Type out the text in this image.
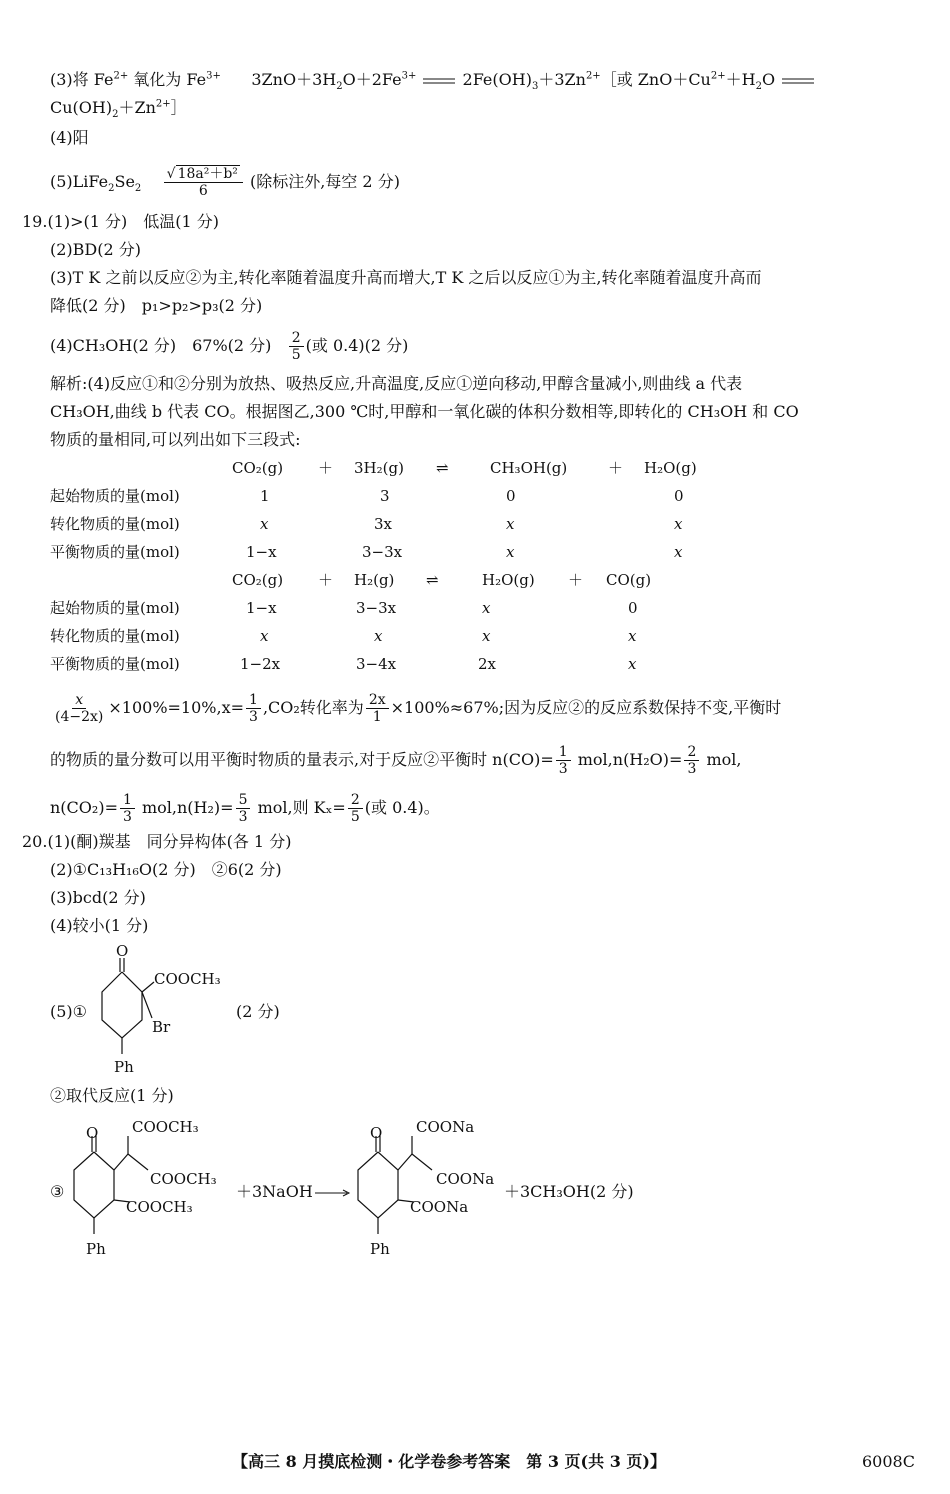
(3)将 $Fe^{2+}$ 氧化为 $Fe^{3+}$ $3ZnO+3H_2O+2Fe^{3+}$	$2Fe(OH)_3+3Zn^{2+}[$或 $ZnO+Cu^{2+}+H_2O$
$Cu(OH)_2+Zn^{2+}]$
(4)阳
$(5)LiFe_2Se_2 \frac{\text{√ 18a²＋b²}}{6}$ (除标注外,每空 2 分)
19.(1)>(1 分)　低温(1 分)
(2)BD(2 分)
(3)T K 之前以反应②为主,转化率随着温度升高而增大,T K 之后以反应①为主,转化率随着温度升高而
降低(2 分)　p₁>p₂>p₃(2 分)
(4)CH₃OH(2 分)　67%(2 分) $\frac{2}{5}$ (或 0.4)(2 分)
解析:(4)反应①和②分别为放热、吸热反应,升高温度,反应①逆向移动,甲醇含量减小,则曲线 a 代表
CH₃OH,曲线 b 代表 CO。根据图乙,300 ℃时,甲醇和一氧化碳的体积分数相等,即转化的 CH₃OH 和 CO
物质的量相同,可以列出如下三段式:
CO₂(g) ＋ 3H₂(g) ⇌	CH₃OH(g)	＋ H₂O(g)
起始物质的量(mol)	1	3	0	0
转化物质的量(mol)	x	3x	x	x
平衡物质的量(mol)	1−x	3−3x	x	x
CO₂(g) ＋ H₂(g) ⇌	H₂O(g) ＋ CO(g)
起始物质的量(mol)	1−x	3−3x	x	0
转化物质的量(mol)	x	x	x	x
平衡物质的量(mol)	1−2x	3−4x	2x	x
$\frac{x}{(4-2x)} \times 100\%=10\%,x= \frac{1}{3} ,CO_2$转化率为 $\frac{2x}{1} \times 100\%\approx 67\%$;因为反应②的反应系数保持不变,平衡时
的物质的量分数可以用平衡时物质的量表示,对于反应②平衡时 $n(CO)= \frac{1}{3} mol,n(H_2O)= \frac{2}{3}$ mol,
$n(CO_2)= \frac{1}{3} mol,n(H_2)= \frac{5}{3}$ mol,则 $K_x= \frac{2}{5}$ (或 0.4)。
20.(1)(酮)羰基　同分异构体(各 1 分)
(2)①C₁₃H₁₆O(2 分)　②6(2 分)
(3)bcd(2 分)
(4)较小(1 分)
(5)①	(2 分)
O
COOCH₃
Br
Ph
②取代反应(1 分)
③
O COOCH₃
COOCH₃
COOCH₃
Ph
＋3NaOH→
O COONa
COONa
COONa
Ph
＋3CH₃OH(2 分)
【高三 8 月摸底检测・化学卷参考答案　第 3 页(共 3 页)】	6008C
